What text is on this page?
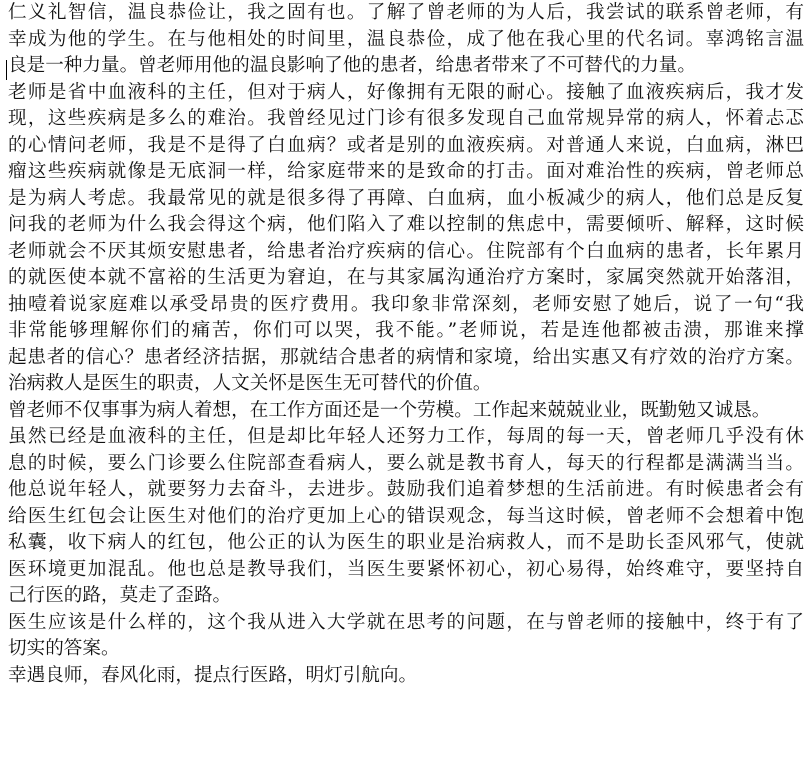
仁义礼智信，温良恭俭让，我之固有也。了解了曾老师的为人后，我尝试的联系曾老师，有
幸成为他的学生。在与他相处的时间里，温良恭俭，成了他在我心里的代名词。辜鸿铭言温
良是一种力量。曾老师用他的温良影响了他的患者，给患者带来了不可替代的力量。
老师是省中血液科的主任，但对于病人，好像拥有无限的耐心。接触了血液疾病后，我才发
现，这些疾病是多么的难治。我曾经见过门诊有很多发现自己血常规异常的病人，怀着忐忑
的心情问老师，我是不是得了白血病？或者是别的血液疾病。对普通人来说，白血病，淋巴
瘤这些疾病就像是无底洞一样，给家庭带来的是致命的打击。面对难治性的疾病，曾老师总
是为病人考虑。我最常见的就是很多得了再障、白血病，血小板减少的病人，他们总是反复
问我的老师为什么我会得这个病，他们陷入了难以控制的焦虑中，需要倾听、解释，这时候
老师就会不厌其烦安慰患者，给患者治疗疾病的信心。住院部有个白血病的患者，长年累月
的就医使本就不富裕的生活更为窘迫，在与其家属沟通治疗方案时，家属突然就开始落泪，
抽噎着说家庭难以承受昂贵的医疗费用。我印象非常深刻，老师安慰了她后，说了一句“我
非常能够理解你们的痛苦，你们可以哭，我不能。”老师说，若是连他都被击溃，那谁来撑
起患者的信心？患者经济拮据，那就结合患者的病情和家境，给出实惠又有疗效的治疗方案。
治病救人是医生的职责，人文关怀是医生无可替代的价值。
曾老师不仅事事为病人着想，在工作方面还是一个劳模。工作起来兢兢业业，既勤勉又诚恳。
虽然已经是血液科的主任，但是却比年轻人还努力工作，每周的每一天，曾老师几乎没有休
息的时候，要么门诊要么住院部查看病人，要么就是教书育人，每天的行程都是满满当当。
他总说年轻人，就要努力去奋斗，去进步。鼓励我们追着梦想的生活前进。有时候患者会有
给医生红包会让医生对他们的治疗更加上心的错误观念，每当这时候，曾老师不会想着中饱
私囊，收下病人的红包，他公正的认为医生的职业是治病救人，而不是助长歪风邪气，使就
医环境更加混乱。他也总是教导我们，当医生要紧怀初心，初心易得，始终难守，要坚持自
己行医的路，莫走了歪路。
医生应该是什么样的，这个我从进入大学就在思考的问题，在与曾老师的接触中，终于有了
切实的答案。
幸遇良师，春风化雨，提点行医路，明灯引航向。
